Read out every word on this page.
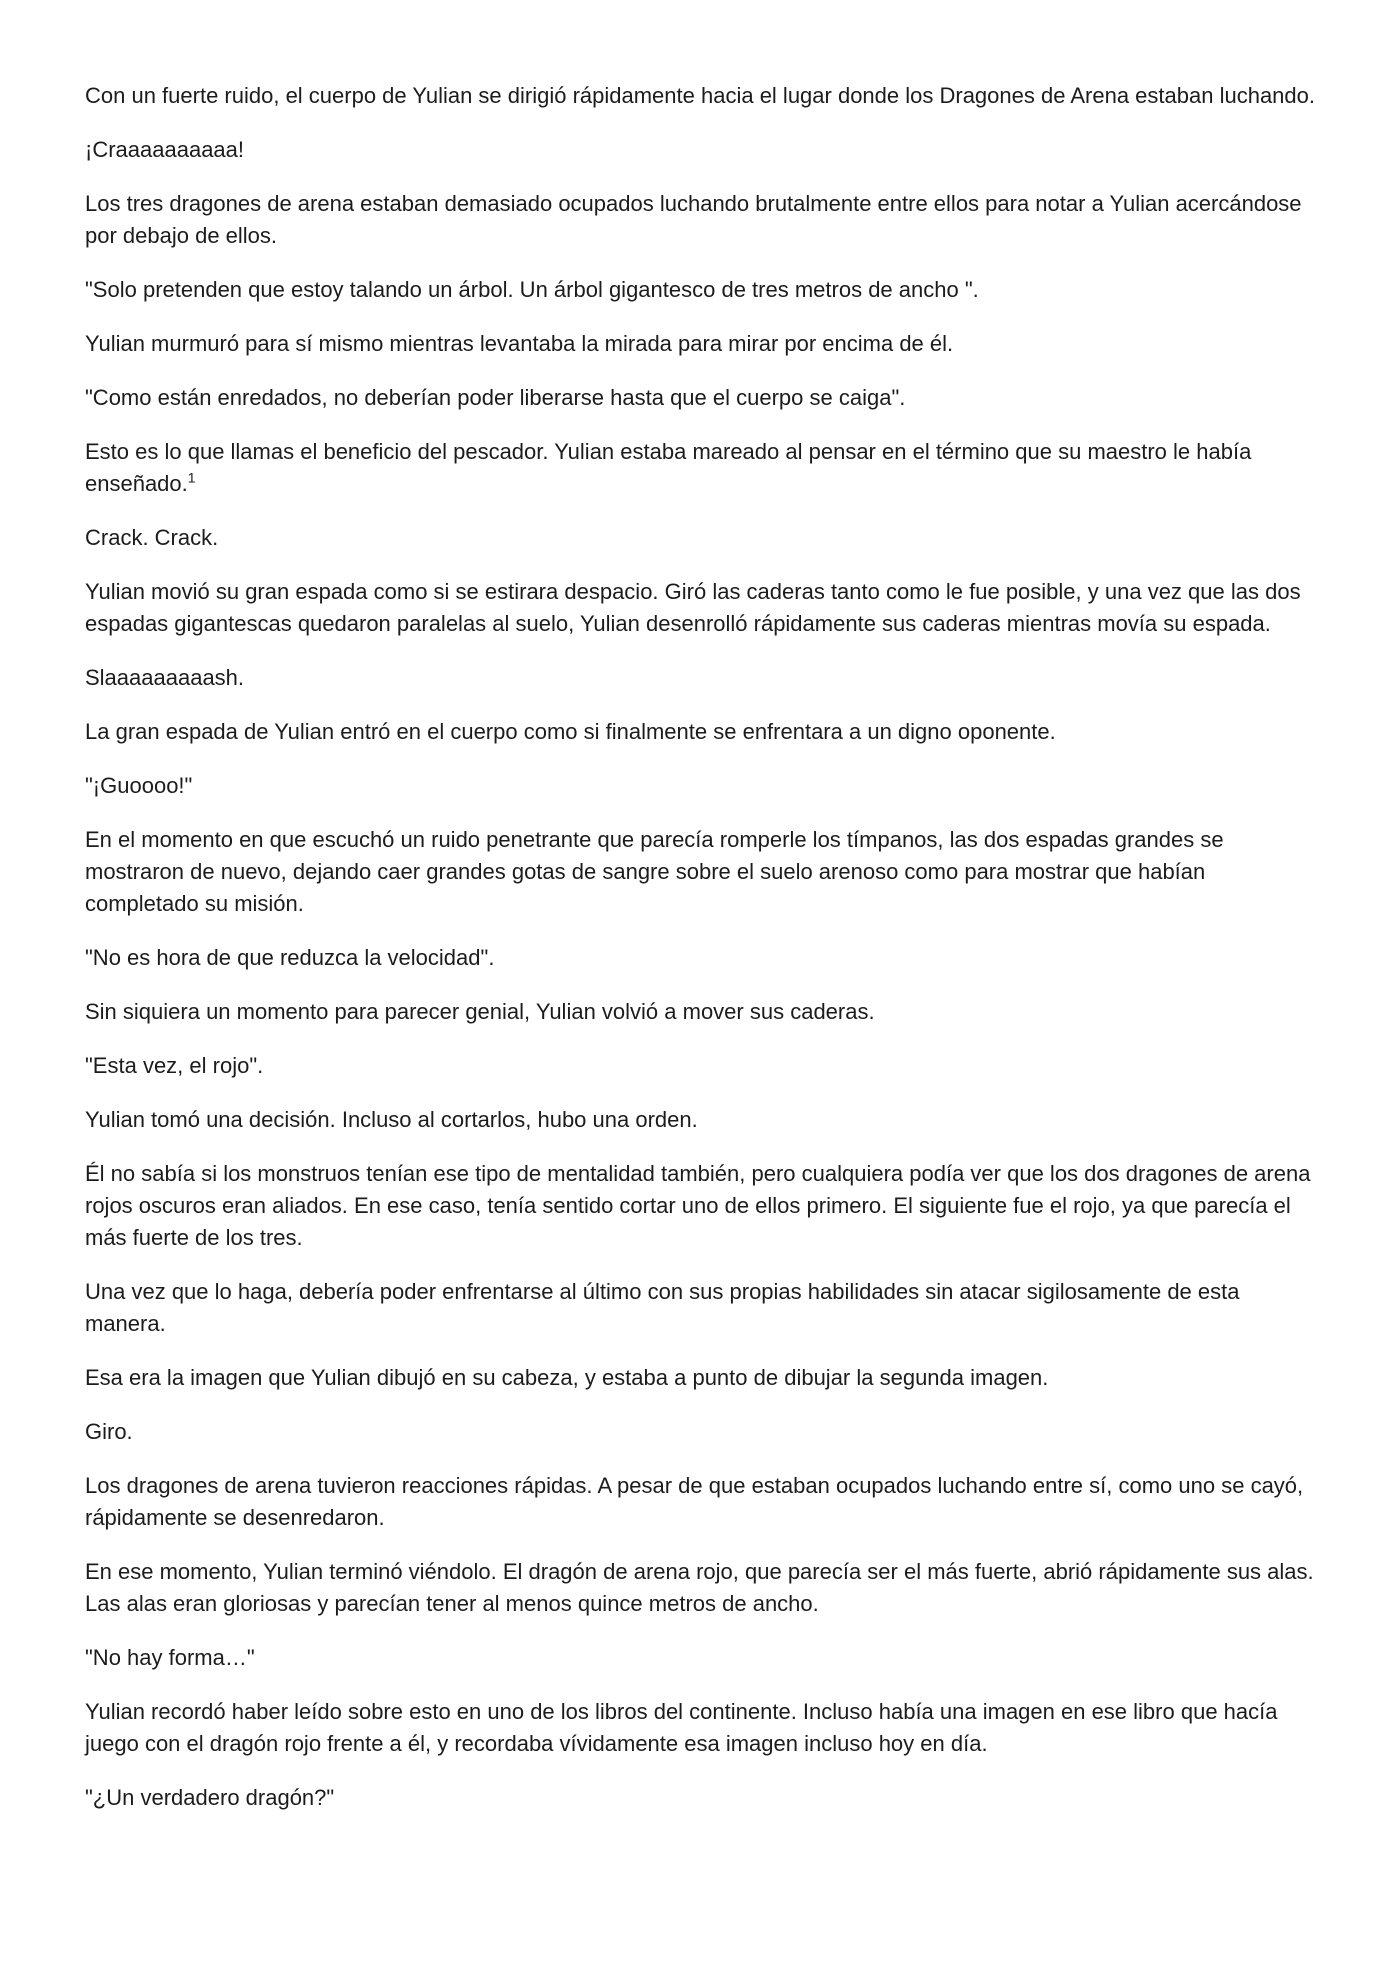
Con un fuerte ruido, el cuerpo de Yulian se dirigió rápidamente hacia el lugar donde los Dragones de Arena estaban luchando.

¡Craaaaaaaaaa!

Los tres dragones de arena estaban demasiado ocupados luchando brutalmente entre ellos para notar a Yulian acercándose por debajo de ellos.

"Solo pretenden que estoy talando un árbol. Un árbol gigantesco de tres metros de ancho ".

Yulian murmuró para sí mismo mientras levantaba la mirada para mirar por encima de él.

"Como están enredados, no deberían poder liberarse hasta que el cuerpo se caiga".

Esto es lo que llamas el beneficio del pescador. Yulian estaba mareado al pensar en el término que su maestro le había enseñado.$^1$

Crack. Crack.

Yulian movió su gran espada como si se estirara despacio. Giró las caderas tanto como le fue posible, y una vez que las dos espadas gigantescas quedaron paralelas al suelo, Yulian desenrolló rápidamente sus caderas mientras movía su espada.

Slaaaaaaaaash.

La gran espada de Yulian entró en el cuerpo como si finalmente se enfrentara a un digno oponente.

"¡Guoooo!"

En el momento en que escuchó un ruido penetrante que parecía romperle los tímpanos, las dos espadas grandes se mostraron de nuevo, dejando caer grandes gotas de sangre sobre el suelo arenoso como para mostrar que habían completado su misión.

"No es hora de que reduzca la velocidad".

Sin siquiera un momento para parecer genial, Yulian volvió a mover sus caderas.

"Esta vez, el rojo".

Yulian tomó una decisión. Incluso al cortarlos, hubo una orden.

Él no sabía si los monstruos tenían ese tipo de mentalidad también, pero cualquiera podía ver que los dos dragones de arena rojos oscuros eran aliados. En ese caso, tenía sentido cortar uno de ellos primero. El siguiente fue el rojo, ya que parecía el más fuerte de los tres.

Una vez que lo haga, debería poder enfrentarse al último con sus propias habilidades sin atacar sigilosamente de esta manera.

Esa era la imagen que Yulian dibujó en su cabeza, y estaba a punto de dibujar la segunda imagen.

Giro.

Los dragones de arena tuvieron reacciones rápidas. A pesar de que estaban ocupados luchando entre sí, como uno se cayó, rápidamente se desenredaron.

En ese momento, Yulian terminó viéndolo. El dragón de arena rojo, que parecía ser el más fuerte, abrió rápidamente sus alas. Las alas eran gloriosas y parecían tener al menos quince metros de ancho.

"No hay forma…"

Yulian recordó haber leído sobre esto en uno de los libros del continente. Incluso había una imagen en ese libro que hacía juego con el dragón rojo frente a él, y recordaba vívidamente esa imagen incluso hoy en día.

"¿Un verdadero dragón?"
